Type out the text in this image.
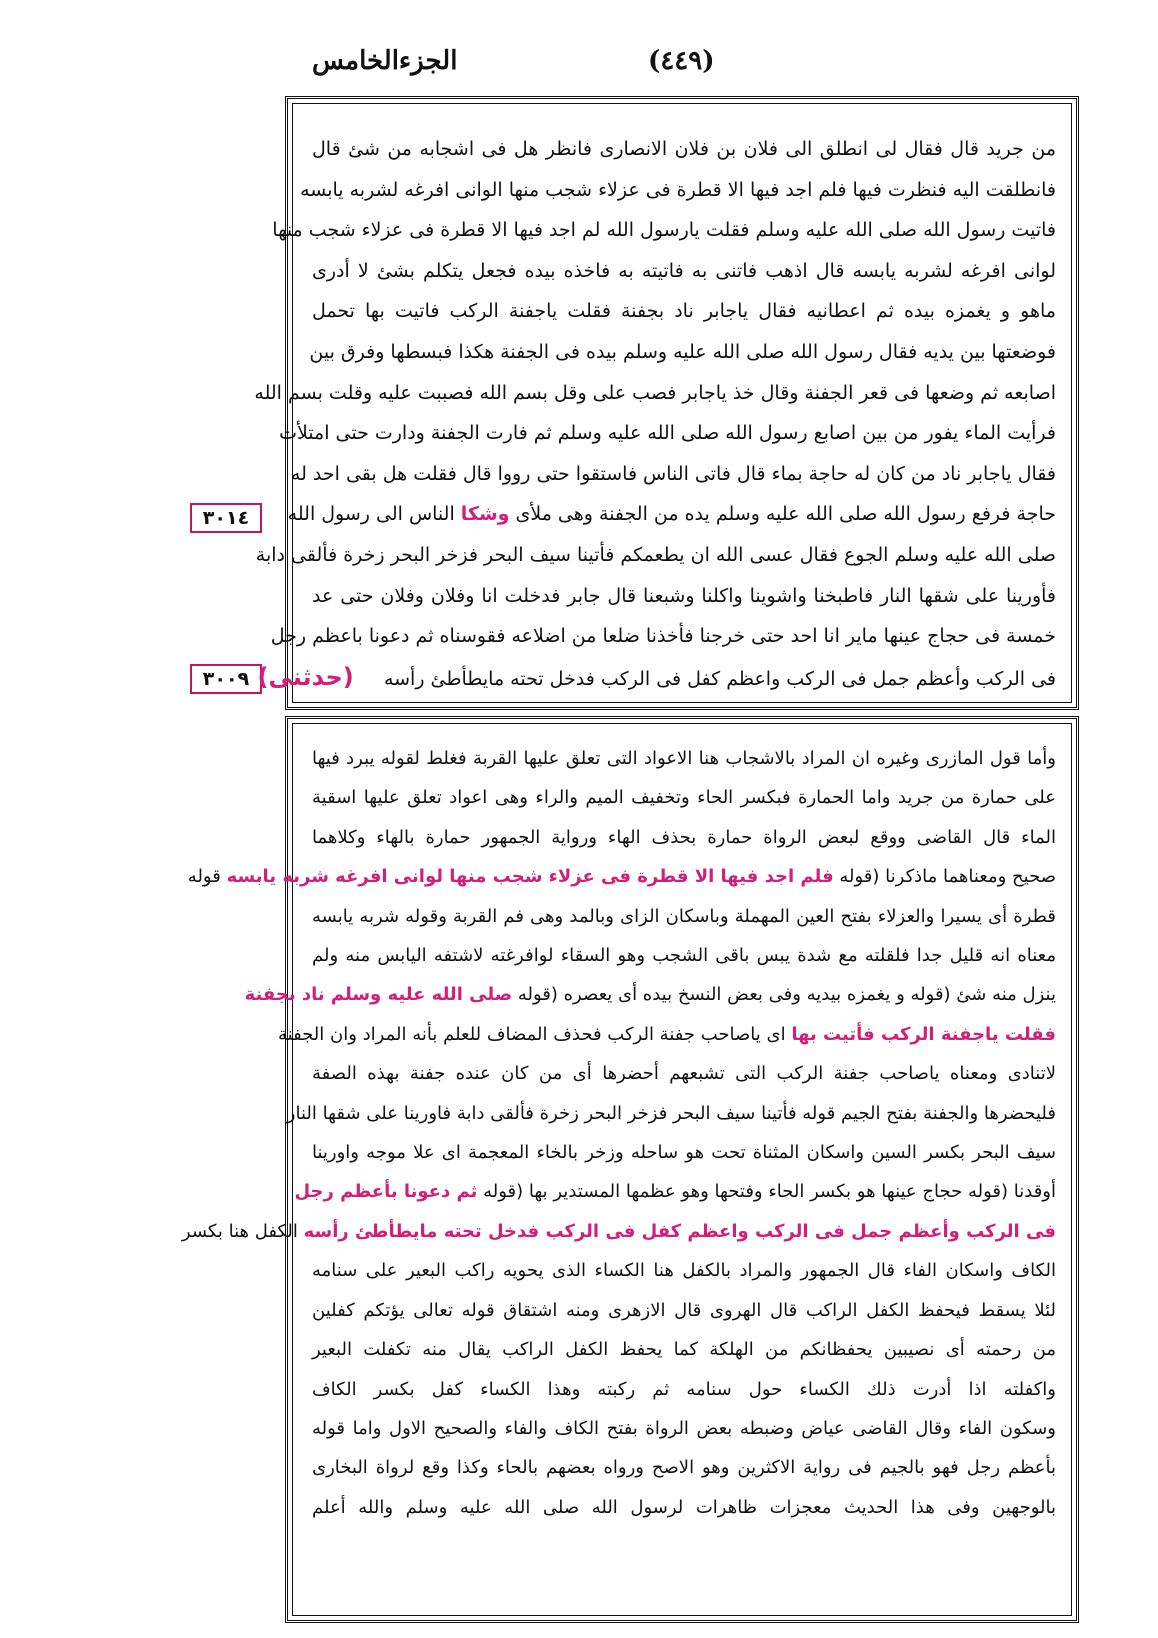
الجزءالخامس	(٤٤٩)
٣٠١٤
٣٠٠٩
من جريد قال فقال لى انطلق الى فلان بن فلان الانصارى فانظر هل فى اشجابه من شئ قال
فانطلقت اليه فنظرت فيها فلم اجد فيها الا قطرة فى عزلاء شجب منها الوانى افرغه لشربه يابسه
فاتيت رسول الله صلى الله عليه وسلم فقلت يارسول الله لم اجد فيها الا قطرة فى عزلاء شجب منها
لوانى افرغه لشربه يابسه قال اذهب فاتنى به فاتيته به فاخذه بيده فجعل يتكلم بشئ لا أدرى
ماهو و يغمزه بيده ثم اعطانيه فقال ياجابر ناد بجفنة فقلت ياجفنة الركب فاتيت بها تحمل
فوضعتها بين يديه فقال رسول الله صلى الله عليه وسلم بيده فى الجفنة هكذا فبسطها وفرق بين
اصابعه ثم وضعها فى قعر الجفنة وقال خذ ياجابر فصب على وقل بسم الله فصببت عليه وقلت بسم الله
فرأيت الماء يفور من بين اصابع رسول الله صلى الله عليه وسلم ثم فارت الجفنة ودارت حتى امتلأت
فقال ياجابر ناد من كان له حاجة بماء قال فاتى الناس فاستقوا حتى رووا قال فقلت هل بقى احد له
حاجة فرفع رسول الله صلى الله عليه وسلم يده من الجفنة وهى ملأى وشكا الناس الى رسول الله
صلى الله عليه وسلم الجوع فقال عسى الله ان يطعمكم فأتينا سيف البحر فزخر البحر زخرة فألقى دابة
فأورينا على شقها النار فاطبخنا واشوينا واكلنا وشبعنا قال جابر فدخلت انا وفلان وفلان حتى عد
خمسة فى حجاج عينها ماير انا احد حتى خرجنا فأخذنا ضلعا من اضلاعه فقوسناه ثم دعونا باعظم رجل
فى الركب وأعظم جمل فى الركب واعظم كفل فى الركب فدخل تحته مايطأطئ رأسه     (حدثنى)
وأما قول المازرى وغيره ان المراد بالاشجاب هنا الاعواد التى تعلق عليها القربة فغلط لقوله يبرد فيها
على حمارة من جريد واما الحمارة فبكسر الحاء وتخفيف الميم والراء وهى اعواد تعلق عليها اسقية
الماء قال القاضى ووقع لبعض الرواة حمارة بحذف الهاء ورواية الجمهور حمارة بالهاء وكلاهما
صحيح ومعناهما ماذكرنا (قوله فلم اجد فيها الا قطرة فى عزلاء شجب منها لوانى افرغه شربه يابسه قوله
قطرة أى يسيرا والعزلاء بفتح العين المهملة وباسكان الزاى وبالمد وهى فم القربة وقوله شربه يابسه
معناه انه قليل جدا فلقلته مع شدة يبس باقى الشجب وهو السقاء لوافرغته لاشتفه اليابس منه ولم
ينزل منه شئ (قوله و يغمزه بيديه وفى بعض النسخ بيده أى يعصره (قوله صلى الله عليه وسلم ناد بجفنة
فقلت ياجفنة الركب فأتيت بها اى ياصاحب جفنة الركب فحذف المضاف للعلم بأنه المراد وان الجفنة
لاتنادى ومعناه ياصاحب جفنة الركب التى تشبعهم أحضرها أى من كان عنده جفنة بهذه الصفة
فليحضرها والجفنة بفتح الجيم قوله فأتينا سيف البحر فزخر البحر زخرة فألقى دابة فاورينا على شقها النار
سيف البحر بكسر السين واسكان المثناة تحت هو ساحله وزخر بالخاء المعجمة اى علا موجه واورينا
أوقدنا (قوله حجاج عينها هو بكسر الحاء وفتحها وهو عظمها المستدير بها (قوله ثم دعونا بأعظم رجل
فى الركب وأعظم جمل فى الركب واعظم كفل فى الركب فدخل تحته مايطأطئ رأسه الكفل هنا بكسر
الكاف واسكان الفاء قال الجمهور والمراد بالكفل هنا الكساء الذى يحويه راكب البعير على سنامه
لئلا يسقط فيحفظ الكفل الراكب قال الهروى قال الازهرى ومنه اشتقاق قوله تعالى يؤتكم كفلين
من رحمته أى نصيبين يحفظانكم من الهلكة كما يحفظ الكفل الراكب يقال منه تكفلت البعير
واكفلته اذا أدرت ذلك الكساء حول سنامه ثم ركبته وهذا الكساء كفل بكسر الكاف
وسكون الفاء وقال القاضى عياض وضبطه بعض الرواة بفتح الكاف والفاء والصحيح الاول واما قوله
بأعظم رجل فهو بالجيم فى رواية الاكثرين وهو الاصح ورواه بعضهم بالحاء وكذا وقع لرواة البخارى
بالوجهين وفى هذا الحديث معجزات ظاهرات لرسول الله صلى الله عليه وسلم والله أعلم
